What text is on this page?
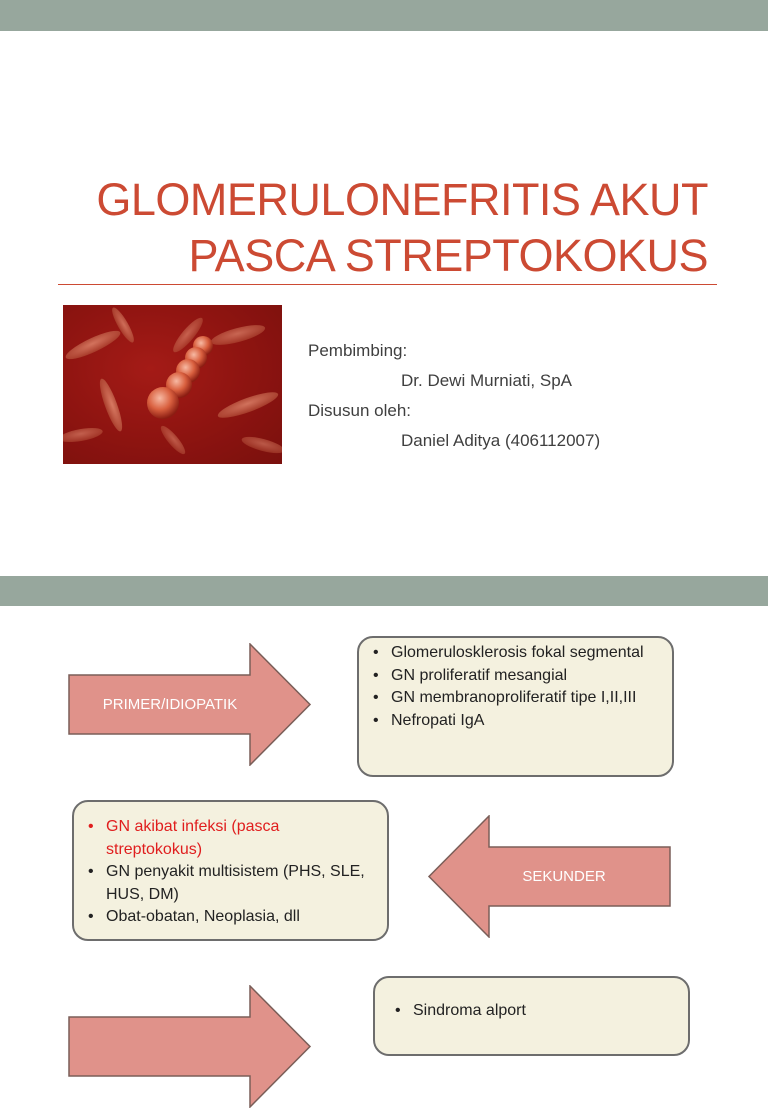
GLOMERULONEFRITIS AKUT
PASCA STREPTOKOKUS
Pembimbing:
Dr. Dewi Murniati, SpA
Disusun oleh:
Daniel Aditya (406112007)
PRIMER/IDIOPATIK
• Glomerulosklerosis fokal segmental
• GN proliferatif mesangial
• GN membranoproliferatif tipe I,II,III
• Nefropati IgA
• GN akibat infeksi (pasca streptokokus)
• GN penyakit multisistem (PHS, SLE, HUS, DM)
• Obat-obatan, Neoplasia, dll
SEKUNDER
• Sindroma alport
